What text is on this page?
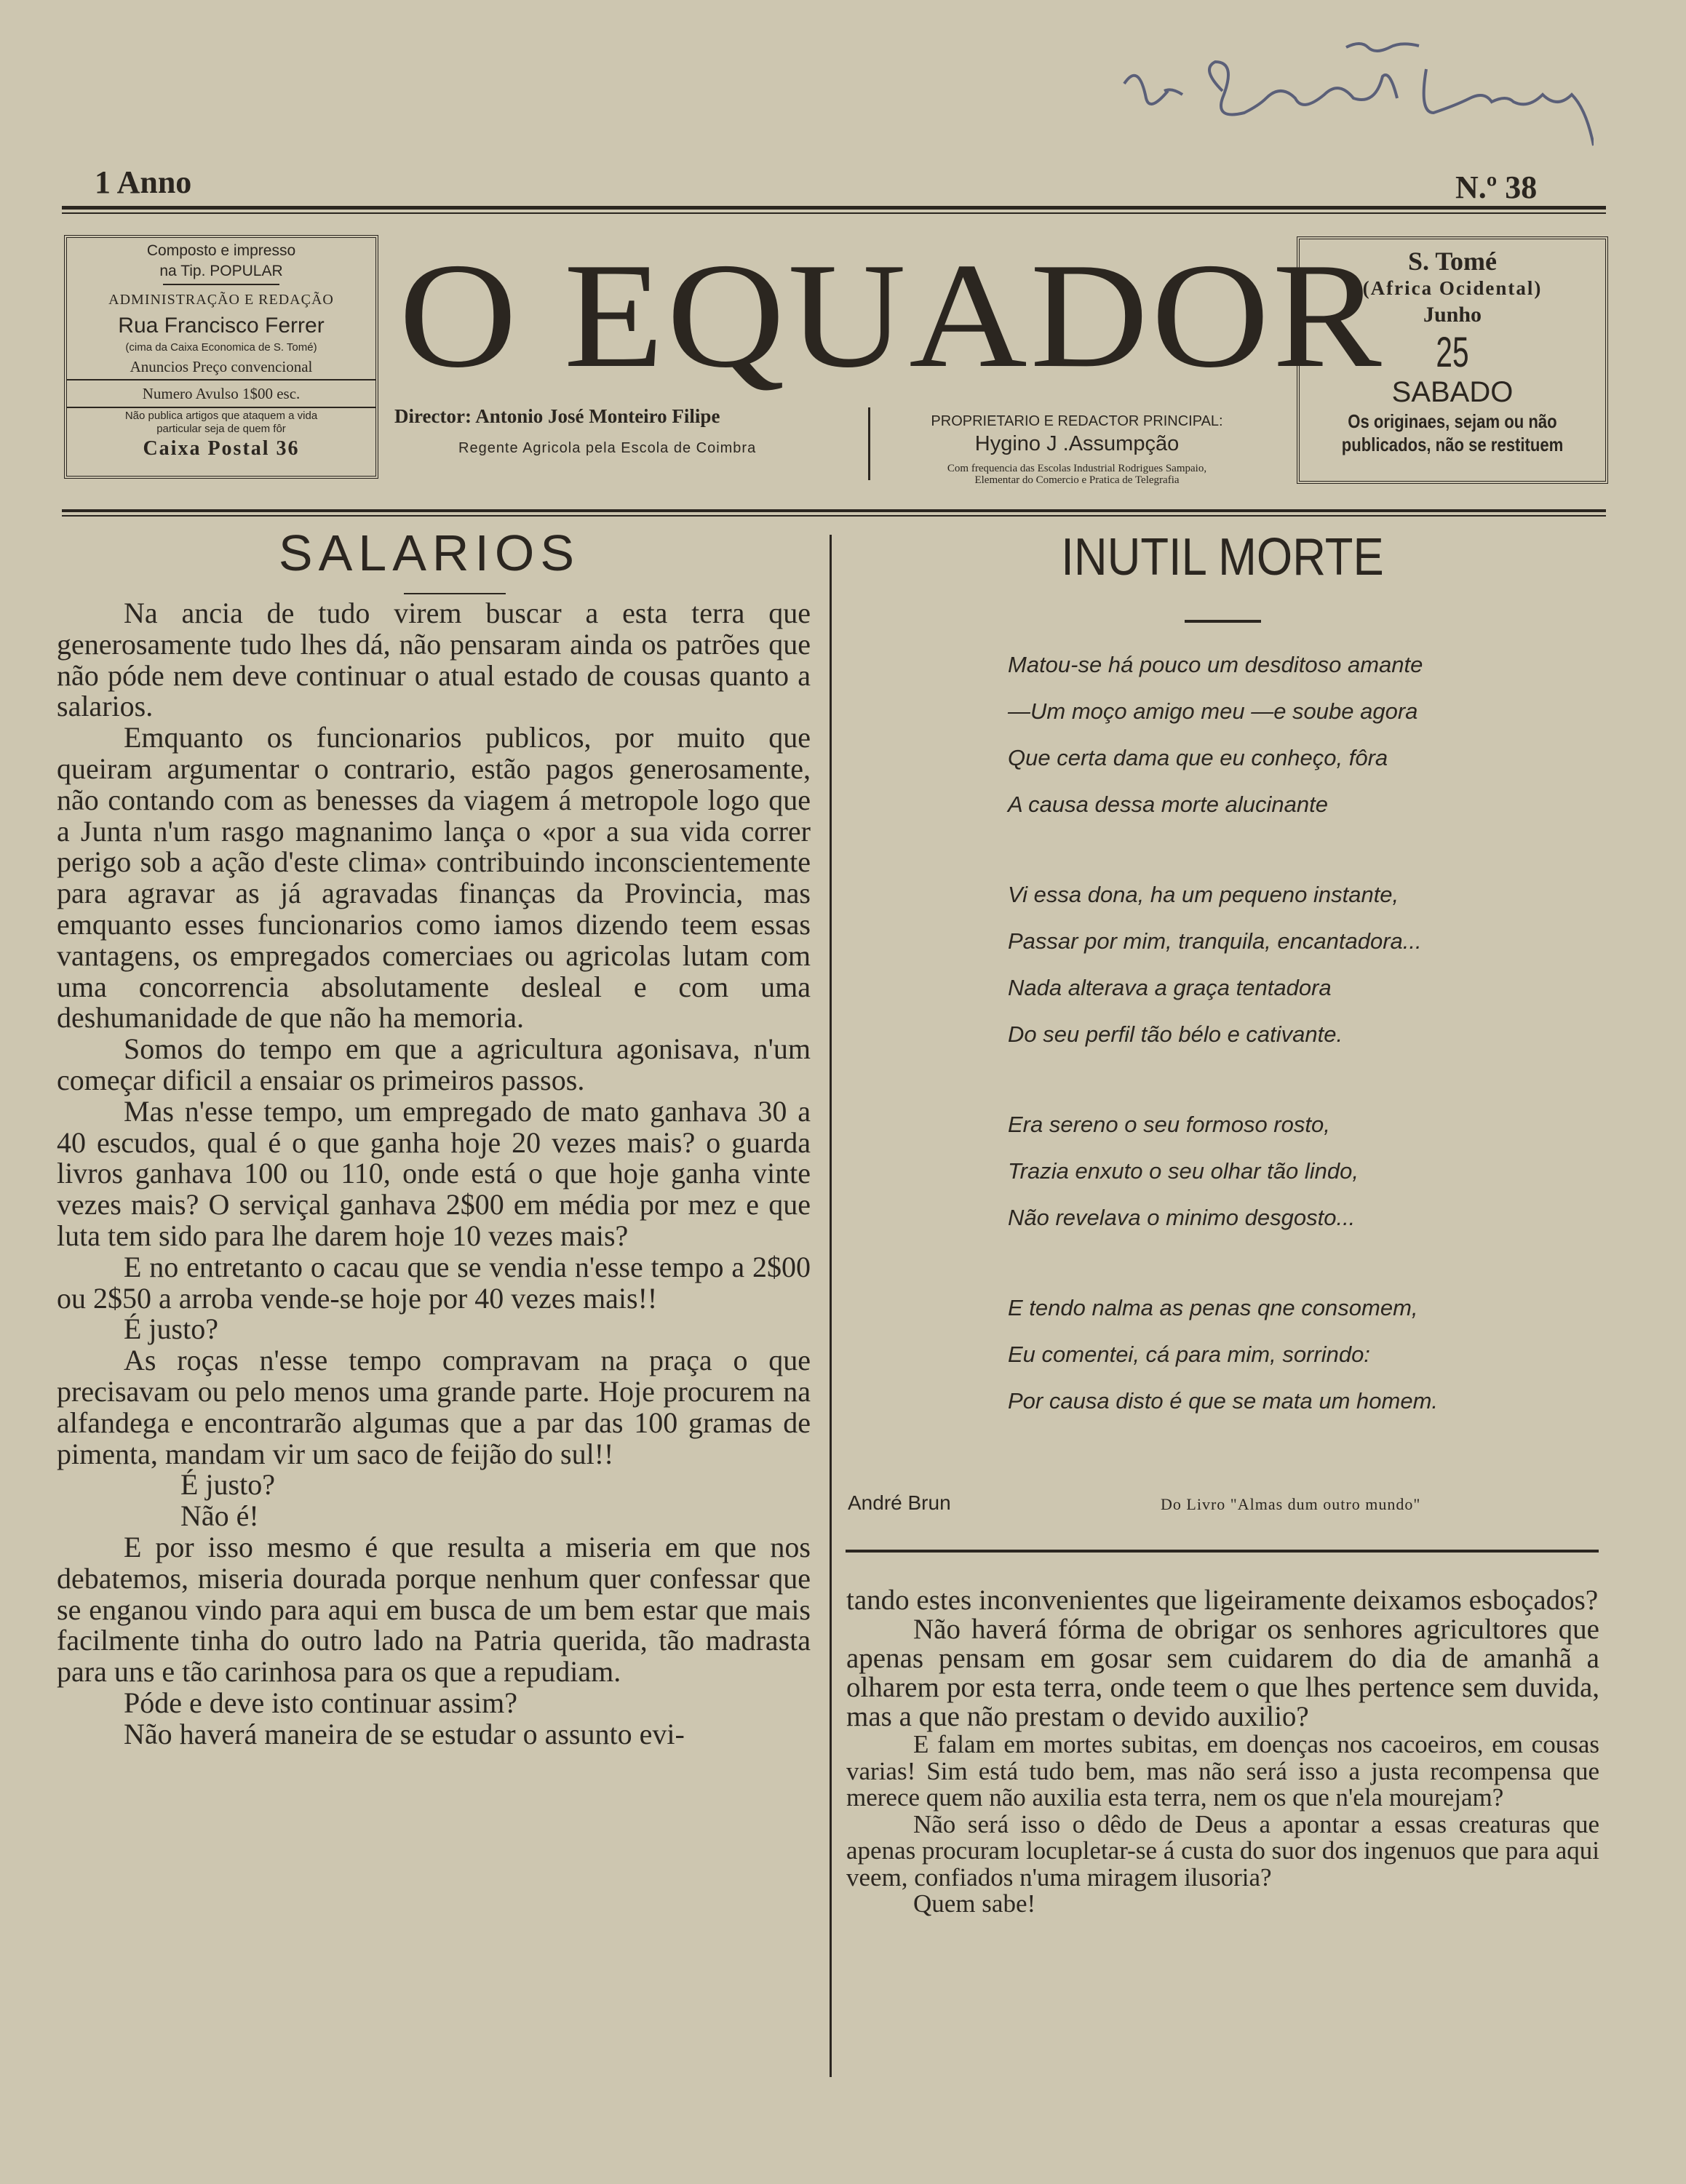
1 Anno	N.º 38
Composto e impresso
na Tip. POPULAR
ADMINISTRAÇÃO E REDAÇÃO
Rua Francisco Ferrer
(cima da Caixa Economica de S. Tomé)
Anuncios Preço convencional
Numero Avulso 1$00 esc.
Não publica artigos que ataquem a vida
particular seja de quem fôr
Caixa Postal 36
O EQUADOR
Director: Antonio José Monteiro Filipe
Regente Agricola pela Escola de Coimbra
PROPRIETARIO E REDACTOR PRINCIPAL:
Hygino J .Assumpção
Com frequencia das Escolas Industrial Rodrigues Sampaio,
Elementar do Comercio e Pratica de Telegrafia
S. Tomé
(Africa Ocidental)
Junho
25
SABADO
Os originaes, sejam ou não
publicados, não se restituem
SALARIOS

Na ancia de tudo virem buscar a esta terra que generosamente tudo lhes dá, não pensaram ainda os patrões que não póde nem deve continuar o atual estado de cousas quanto a salarios.

Emquanto os funcionarios publicos, por muito que queiram argumentar o contrario, estão pagos generosamente, não contando com as benesses da viagem á metropole logo que a Junta n'um rasgo magnanimo lança o «por a sua vida correr perigo sob a ação d'este clima» contribuindo inconscientemente para agravar as já agravadas finanças da Provincia, mas emquanto esses funcionarios como iamos dizendo teem essas vantagens, os empregados comerciaes ou agricolas lutam com uma concorrencia absolutamente desleal e com uma deshumanidade de que não ha memoria.

Somos do tempo em que a agricultura agonisava, n'um começar dificil a ensaiar os primeiros passos.

Mas n'esse tempo, um empregado de mato ganhava 30 a 40 escudos, qual é o que ganha hoje 20 vezes mais? o guarda livros ganhava 100 ou 110, onde está o que hoje ganha vinte vezes mais? O serviçal ganhava 2$00 em média por mez e que luta tem sido para lhe darem hoje 10 vezes mais?

E no entretanto o cacau que se vendia n'esse tempo a 2$00 ou 2$50 a arroba vende-se hoje por 40 vezes mais!!

É justo?

As roças n'esse tempo compravam na praça o que precisavam ou pelo menos uma grande parte. Hoje procurem na alfandega e encontrarão algumas que a par das 100 gramas de pimenta, mandam vir um saco de feijão do sul!!

É justo?

Não é!

E por isso mesmo é que resulta a miseria em que nos debatemos, miseria dourada porque nenhum quer confessar que se enganou vindo para aqui em busca de um bem estar que mais facilmente tinha do outro lado na Patria querida, tão madrasta para uns e tão carinhosa para os que a repudiam.

Póde e deve isto continuar assim?

Não haverá maneira de se estudar o assunto evi-

INUTIL MORTE
Matou-se há pouco um desditoso amante
—Um moço amigo meu —e soube agora
Que certa dama que eu conheço, fôra
A causa dessa morte alucinante
Vi essa dona, ha um pequeno instante,
Passar por mim, tranquila, encantadora...
Nada alterava a graça tentadora
Do seu perfil tão bélo e cativante.
Era sereno o seu formoso rosto,
Trazia enxuto o seu olhar tão lindo,
Não revelava o minimo desgosto...
E tendo nalma as penas qne consomem,
Eu comentei, cá para mim, sorrindo:
Por causa disto é que se mata um homem.
André Brun	Do Livro "Almas dum outro mundo"

tando estes inconvenientes que ligeiramente deixamos esboçados?

Não haverá fórma de obrigar os senhores agricultores que apenas pensam em gosar sem cuidarem do dia de amanhã a olharem por esta terra, onde teem o que lhes pertence sem duvida, mas a que não prestam o devido auxilio?

E falam em mortes subitas, em doenças nos cacoeiros, em cousas varias! Sim está tudo bem, mas não será isso a justa recompensa que merece quem não auxilia esta terra, nem os que n'ela mourejam?

Não será isso o dêdo de Deus a apontar a essas creaturas que apenas procuram locupletar-se á custa do suor dos ingenuos que para aqui veem, confiados n'uma miragem ilusoria?

Quem sabe!
